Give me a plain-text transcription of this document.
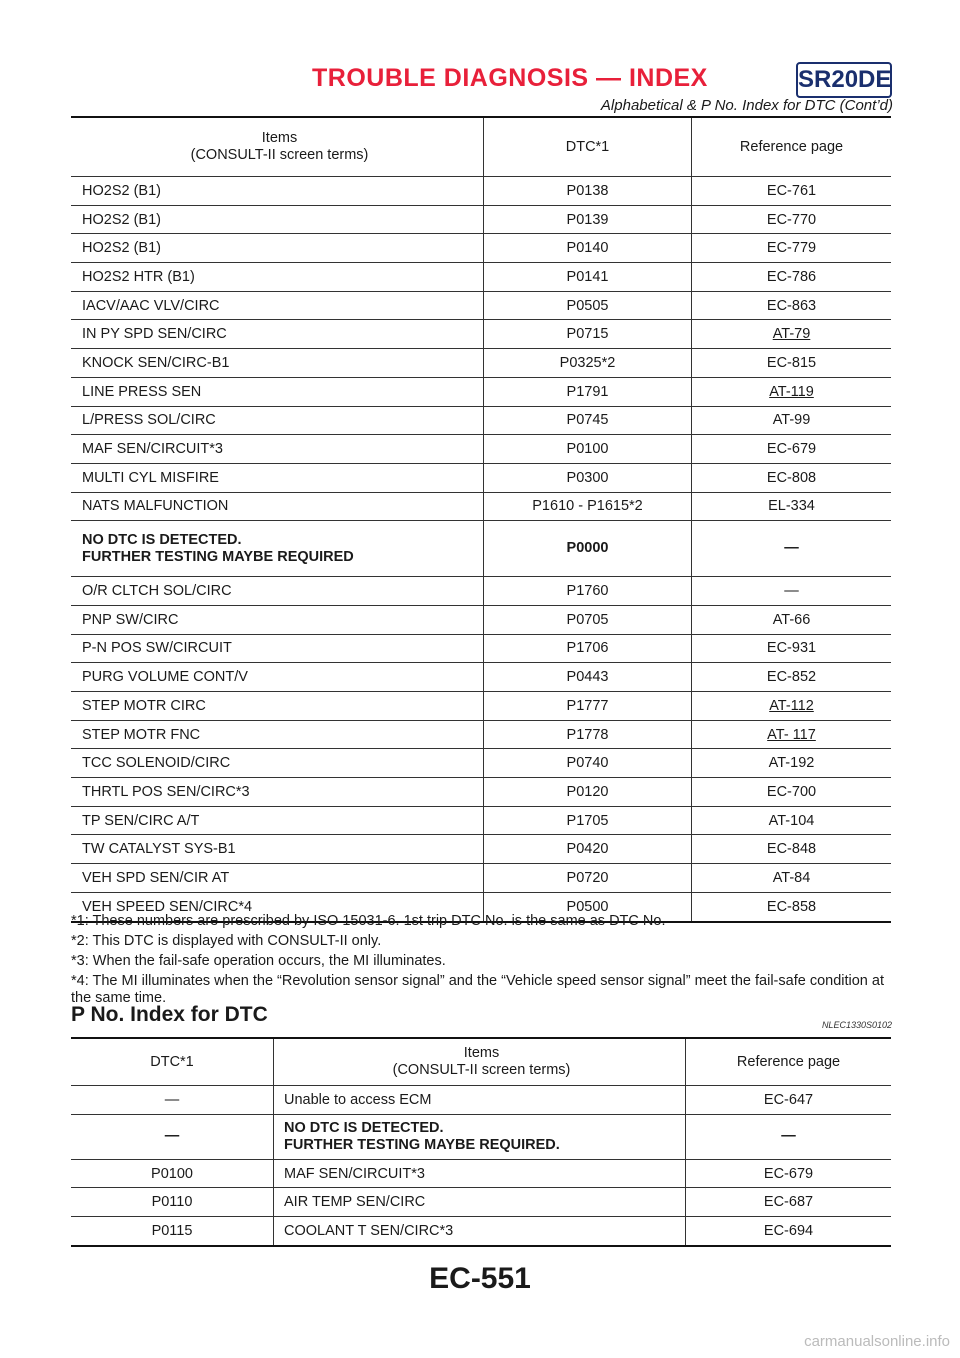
TROUBLE DIAGNOSIS — INDEX	SR20DE
Alphabetical & P No. Index for DTC (Cont’d)
Items
(CONSULT-II screen terms)	DTC*1	Reference page
HO2S2 (B1)	P0138	EC-761
HO2S2 (B1)	P0139	EC-770
HO2S2 (B1)	P0140	EC-779
HO2S2 HTR (B1)	P0141	EC-786
IACV/AAC VLV/CIRC	P0505	EC-863
IN PY SPD SEN/CIRC	P0715	AT-79
KNOCK SEN/CIRC-B1	P0325*2	EC-815
LINE PRESS SEN	P1791	AT-119
L/PRESS SOL/CIRC	P0745	AT-99
MAF SEN/CIRCUIT*3	P0100	EC-679
MULTI CYL MISFIRE	P0300	EC-808
NATS MALFUNCTION	P1610 - P1615*2	EL-334
NO DTC IS DETECTED.
FURTHER TESTING MAYBE REQUIRED	P0000	—
O/R CLTCH SOL/CIRC	P1760	—
PNP SW/CIRC	P0705	AT-66
P-N POS SW/CIRCUIT	P1706	EC-931
PURG VOLUME CONT/V	P0443	EC-852
STEP MOTR CIRC	P1777	AT-112
STEP MOTR FNC	P1778	AT- 117
TCC SOLENOID/CIRC	P0740	AT-192
THRTL POS SEN/CIRC*3	P0120	EC-700
TP SEN/CIRC A/T	P1705	AT-104
TW CATALYST SYS-B1	P0420	EC-848
VEH SPD SEN/CIR AT	P0720	AT-84
VEH SPEED SEN/CIRC*4	P0500	EC-858

*1: These numbers are prescribed by ISO 15031-6. 1st trip DTC No. is the same as DTC No.

*2: This DTC is displayed with CONSULT-II only.

*3: When the fail-safe operation occurs, the MI illuminates.

*4: The MI illuminates when the “Revolution sensor signal” and the “Vehicle speed sensor signal” meet the fail-safe condition at the same time.

P No. Index for DTC	NLEC1330S0102
DTC*1	Items
(CONSULT-II screen terms)	Reference page
—	Unable to access ECM	EC-647
—	NO DTC IS DETECTED.
FURTHER TESTING MAYBE REQUIRED.	—
P0100	MAF SEN/CIRCUIT*3	EC-679
P0110	AIR TEMP SEN/CIRC	EC-687
P0115	COOLANT T SEN/CIRC*3	EC-694
EC-551
carmanualsonline.info
